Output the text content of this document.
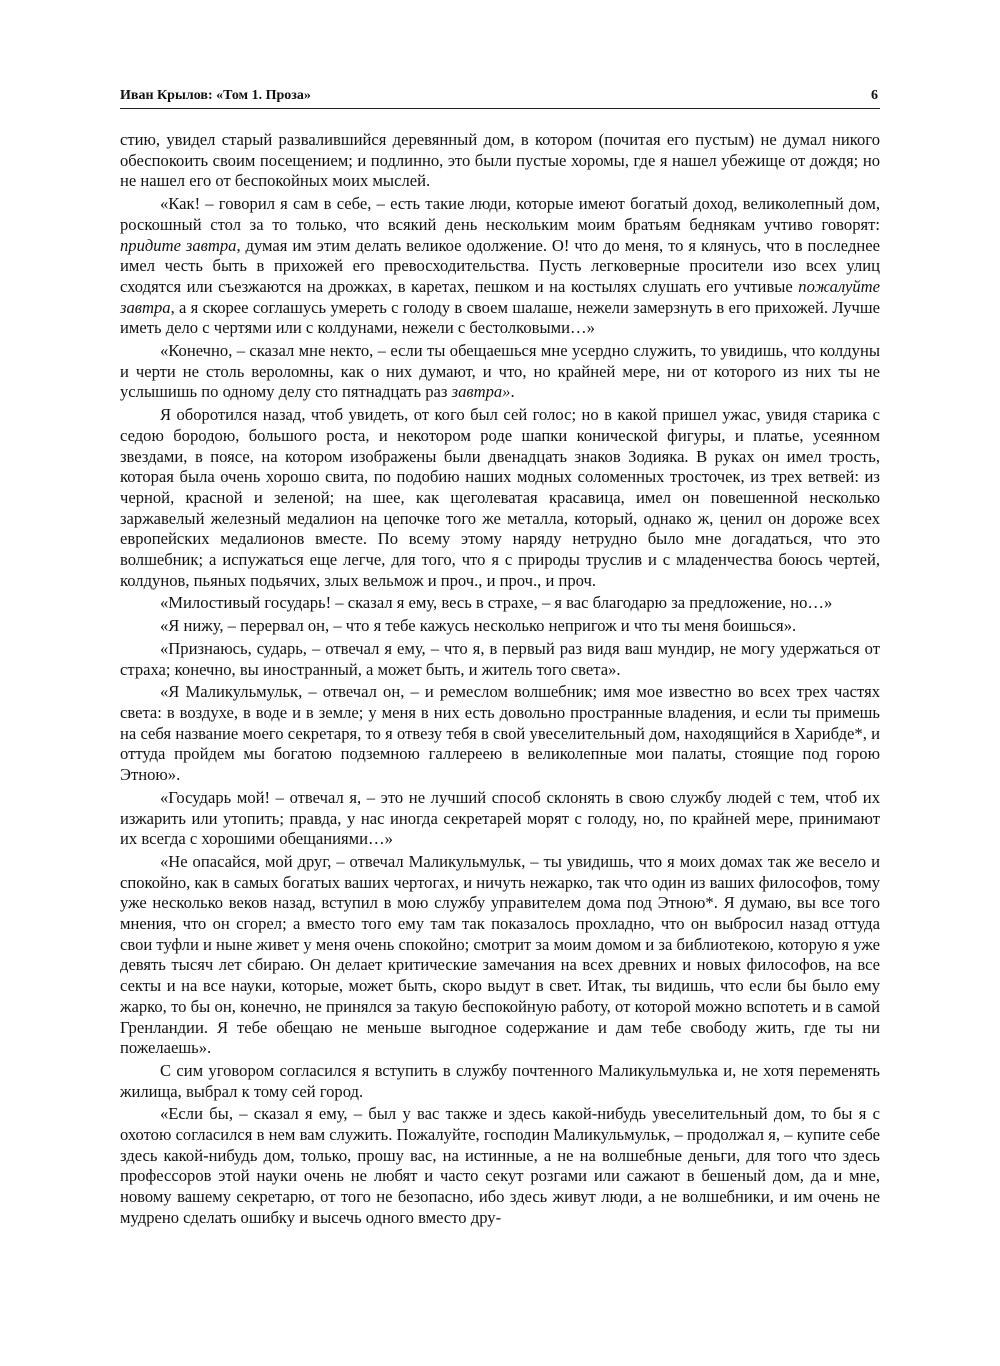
Иван Крылов: «Том 1. Проза»	6

стию, увидел старый развалившийся деревянный дом, в котором (почитая его пустым) не думал никого обеспокоить своим посещением; и подлинно, это были пустые хоромы, где я нашел убежище от дождя; но не нашел его от беспокойных моих мыслей.

«Как! – говорил я сам в себе, – есть такие люди, которые имеют богатый доход, великолепный дом, роскошный стол за то только, что всякий день нескольким моим братьям беднякам учтиво говорят: придите завтра, думая им этим делать великое одолжение. О! что до меня, то я клянусь, что в последнее имел честь быть в прихожей его превосходительства. Пусть легковерные просители изо всех улиц сходятся или съезжаются на дрожках, в каретах, пешком и на костылях слушать его учтивые пожалуйте завтра, а я скорее соглашусь умереть с голоду в своем шалаше, нежели замерзнуть в его прихожей. Лучше иметь дело с чертями или с колдунами, нежели с бестолковыми…»

«Конечно, – сказал мне некто, – если ты обещаешься мне усердно служить, то увидишь, что колдуны и черти не столь вероломны, как о них думают, и что, но крайней мере, ни от которого из них ты не услышишь по одному делу сто пятнадцать раз завтра».

Я оборотился назад, чтоб увидеть, от кого был сей голос; но в какой пришел ужас, увидя старика с седою бородою, большого роста, и некотором роде шапки конической фигуры, и платье, усеянном звездами, в поясе, на котором изображены были двенадцать знаков Зодияка. В руках он имел трость, которая была очень хорошо свита, по подобию наших модных соломенных тросточек, из трех ветвей: из черной, красной и зеленой; на шее, как щеголеватая красавица, имел он повешенной несколько заржавелый железный медалион на цепочке того же металла, который, однако ж, ценил он дороже всех европейских медалионов вместе. По всему этому наряду нетрудно было мне догадаться, что это волшебник; а испужаться еще легче, для того, что я с природы труслив и с младенчества боюсь чертей, колдунов, пьяных подьячих, злых вельмож и проч., и проч., и проч.

«Милостивый государь! – сказал я ему, весь в страхе, – я вас благодарю за предложение, но…»

«Я нижу, – перервал он, – что я тебе кажусь несколько непригож и что ты меня боишься».

«Признаюсь, сударь, – отвечал я ему, – что я, в первый раз видя ваш мундир, не могу удержаться от страха; конечно, вы иностранный, а может быть, и житель того света».

«Я Маликульмульк, – отвечал он, – и ремеслом волшебник; имя мое известно во всех трех частях света: в воздухе, в воде и в земле; у меня в них есть довольно пространные владения, и если ты примешь на себя название моего секретаря, то я отвезу тебя в свой увеселительный дом, находящийся в Харибде*, и оттуда пройдем мы богатою подземною галлереею в великолепные мои палаты, стоящие под горою Этною».

«Государь мой! – отвечал я, – это не лучший способ склонять в свою службу людей с тем, чтоб их изжарить или утопить; правда, у нас иногда секретарей морят с голоду, но, по крайней мере, принимают их всегда с хорошими обещаниями…»

«Не опасайся, мой друг, – отвечал Маликульмульк, – ты увидишь, что я моих домах так же весело и спокойно, как в самых богатых ваших чертогах, и ничуть нежарко, так что один из ваших философов, тому уже несколько веков назад, вступил в мою службу управителем дома под Этною*. Я думаю, вы все того мнения, что он сгорел; а вместо того ему там так показалось прохладно, что он выбросил назад оттуда свои туфли и ныне живет у меня очень спокойно; смотрит за моим домом и за библиотекою, которую я уже девять тысяч лет сбираю. Он делает критические замечания на всех древних и новых философов, на все секты и на все науки, которые, может быть, скоро выдут в свет. Итак, ты видишь, что если бы было ему жарко, то бы он, конечно, не принялся за такую беспокойную работу, от которой можно вспотеть и в самой Гренландии. Я тебе обещаю не меньше выгодное содержание и дам тебе свободу жить, где ты ни пожелаешь».

С сим уговором согласился я вступить в службу почтенного Маликульмулька и, не хотя переменять жилища, выбрал к тому сей город.

«Если бы, – сказал я ему, – был у вас также и здесь какой-нибудь увеселительный дом, то бы я с охотою согласился в нем вам служить. Пожалуйте, господин Маликульмульк, – продолжал я, – купите себе здесь какой-нибудь дом, только, прошу вас, на истинные, а не на волшебные деньги, для того что здесь профессоров этой науки очень не любят и часто секут розгами или сажают в бешеный дом, да и мне, новому вашему секретарю, от того не безопасно, ибо здесь живут люди, а не волшебники, и им очень не мудрено сделать ошибку и высечь одного вместо дру-
